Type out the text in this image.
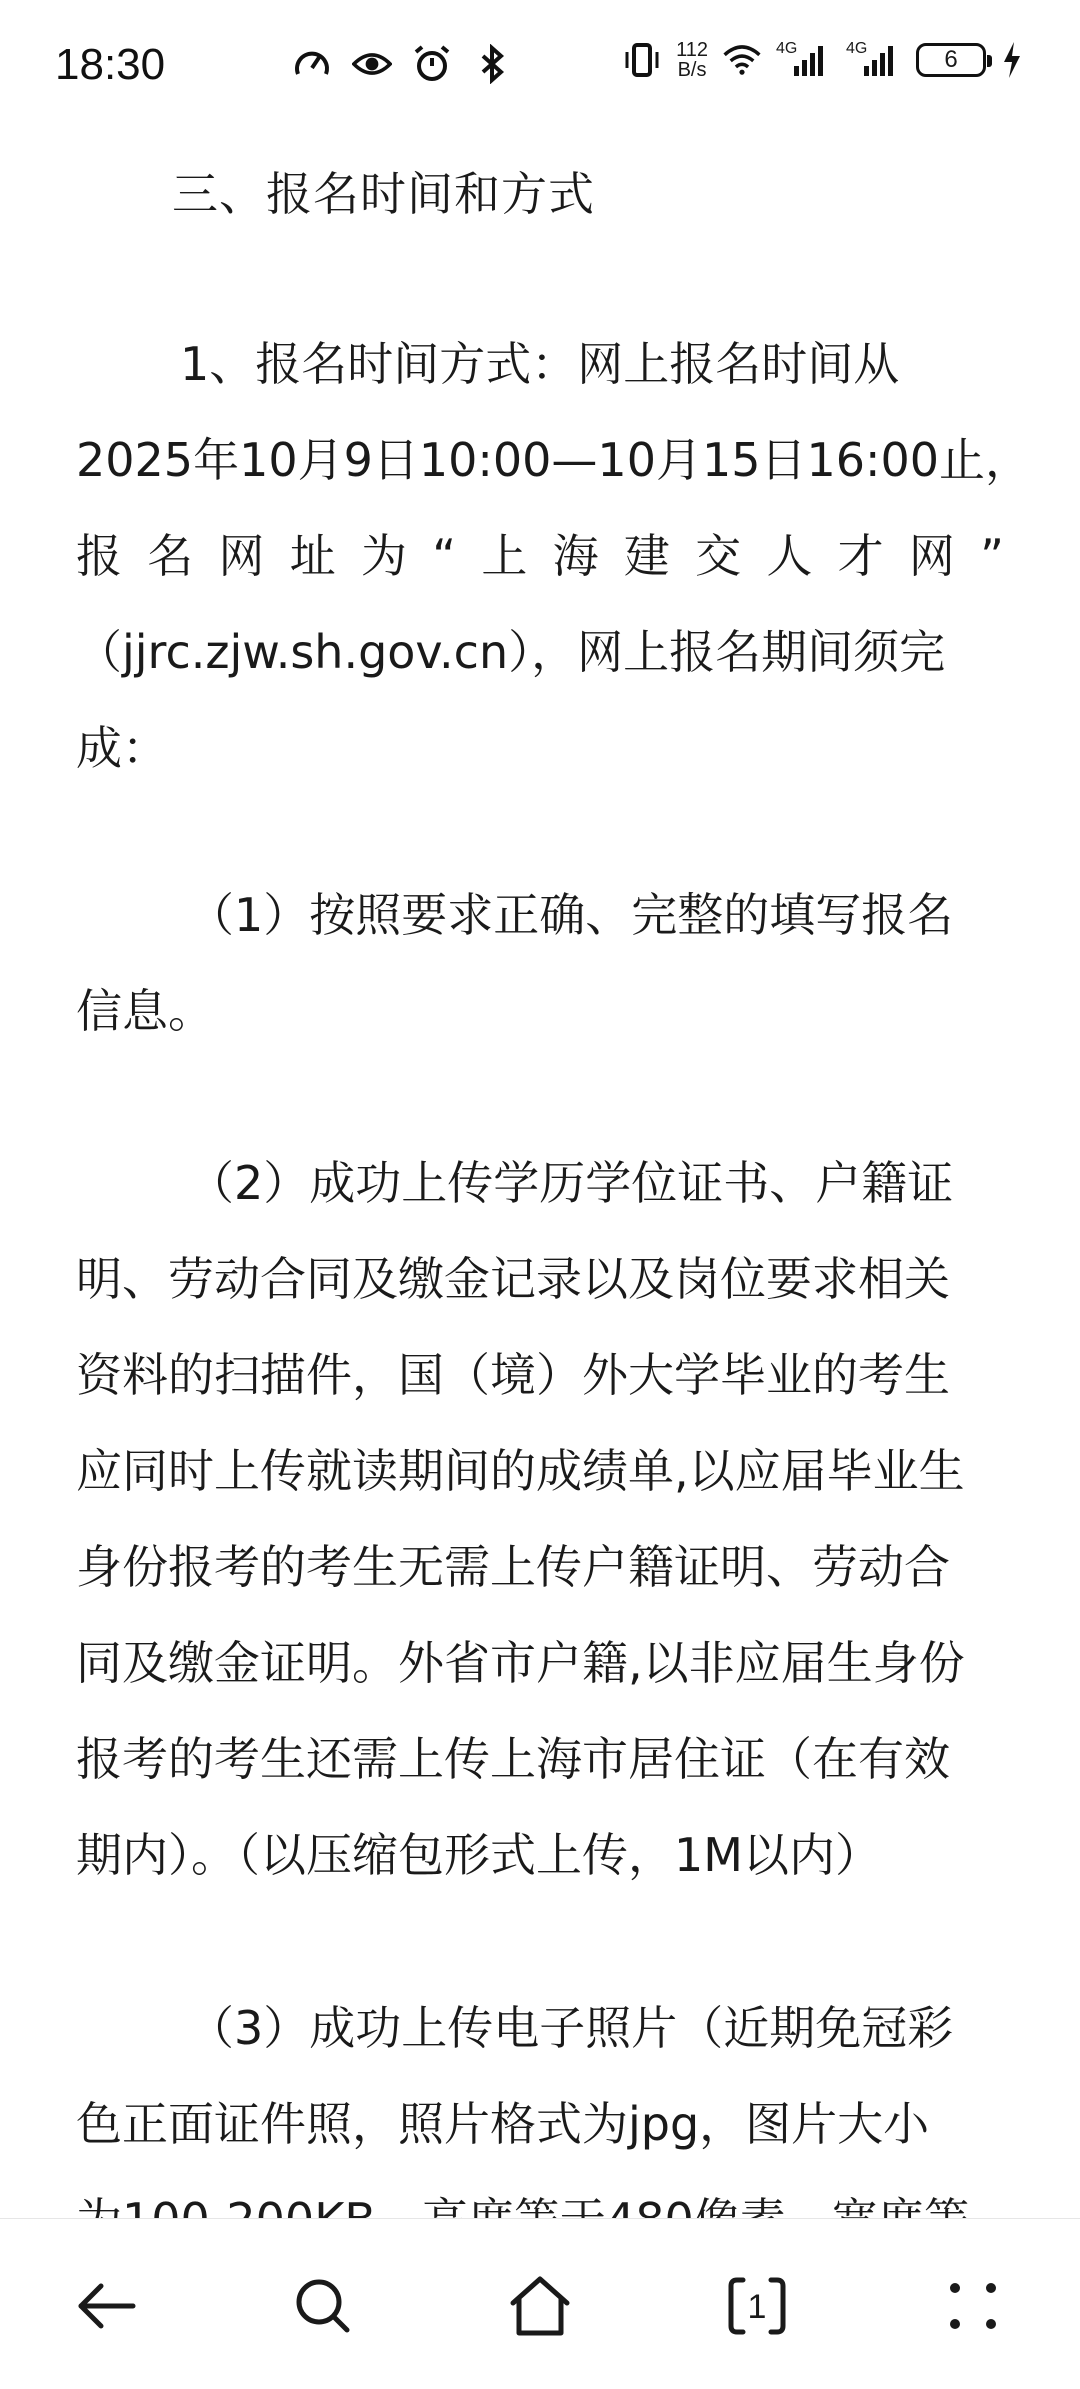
18:30	112
B/s
4G	4G	6
三、报名时间和方式
1、报名时间方式：网上报名时间从
2025年10月9日10:00—10月15日16:00止，
报 名 网 址 为 “ 上 海 建 交 人 才 网 ”
（jjrc.zjw.sh.gov.cn），网上报名期间须完
成：
（1）按照要求正确、完整的填写报名
信息。
（2）成功上传学历学位证书、户籍证
明、劳动合同及缴金记录以及岗位要求相关
资料的扫描件，国（境）外大学毕业的考生
应同时上传就读期间的成绩单,以应届毕业生
身份报考的考生无需上传户籍证明、劳动合
同及缴金证明。外省市户籍,以非应届生身份
报考的考生还需上传上海市居住证（在有效
期内）。（以压缩包形式上传，1M以内）
（3）成功上传电子照片（近期免冠彩
色正面证件照，照片格式为jpg，图片大小
1
